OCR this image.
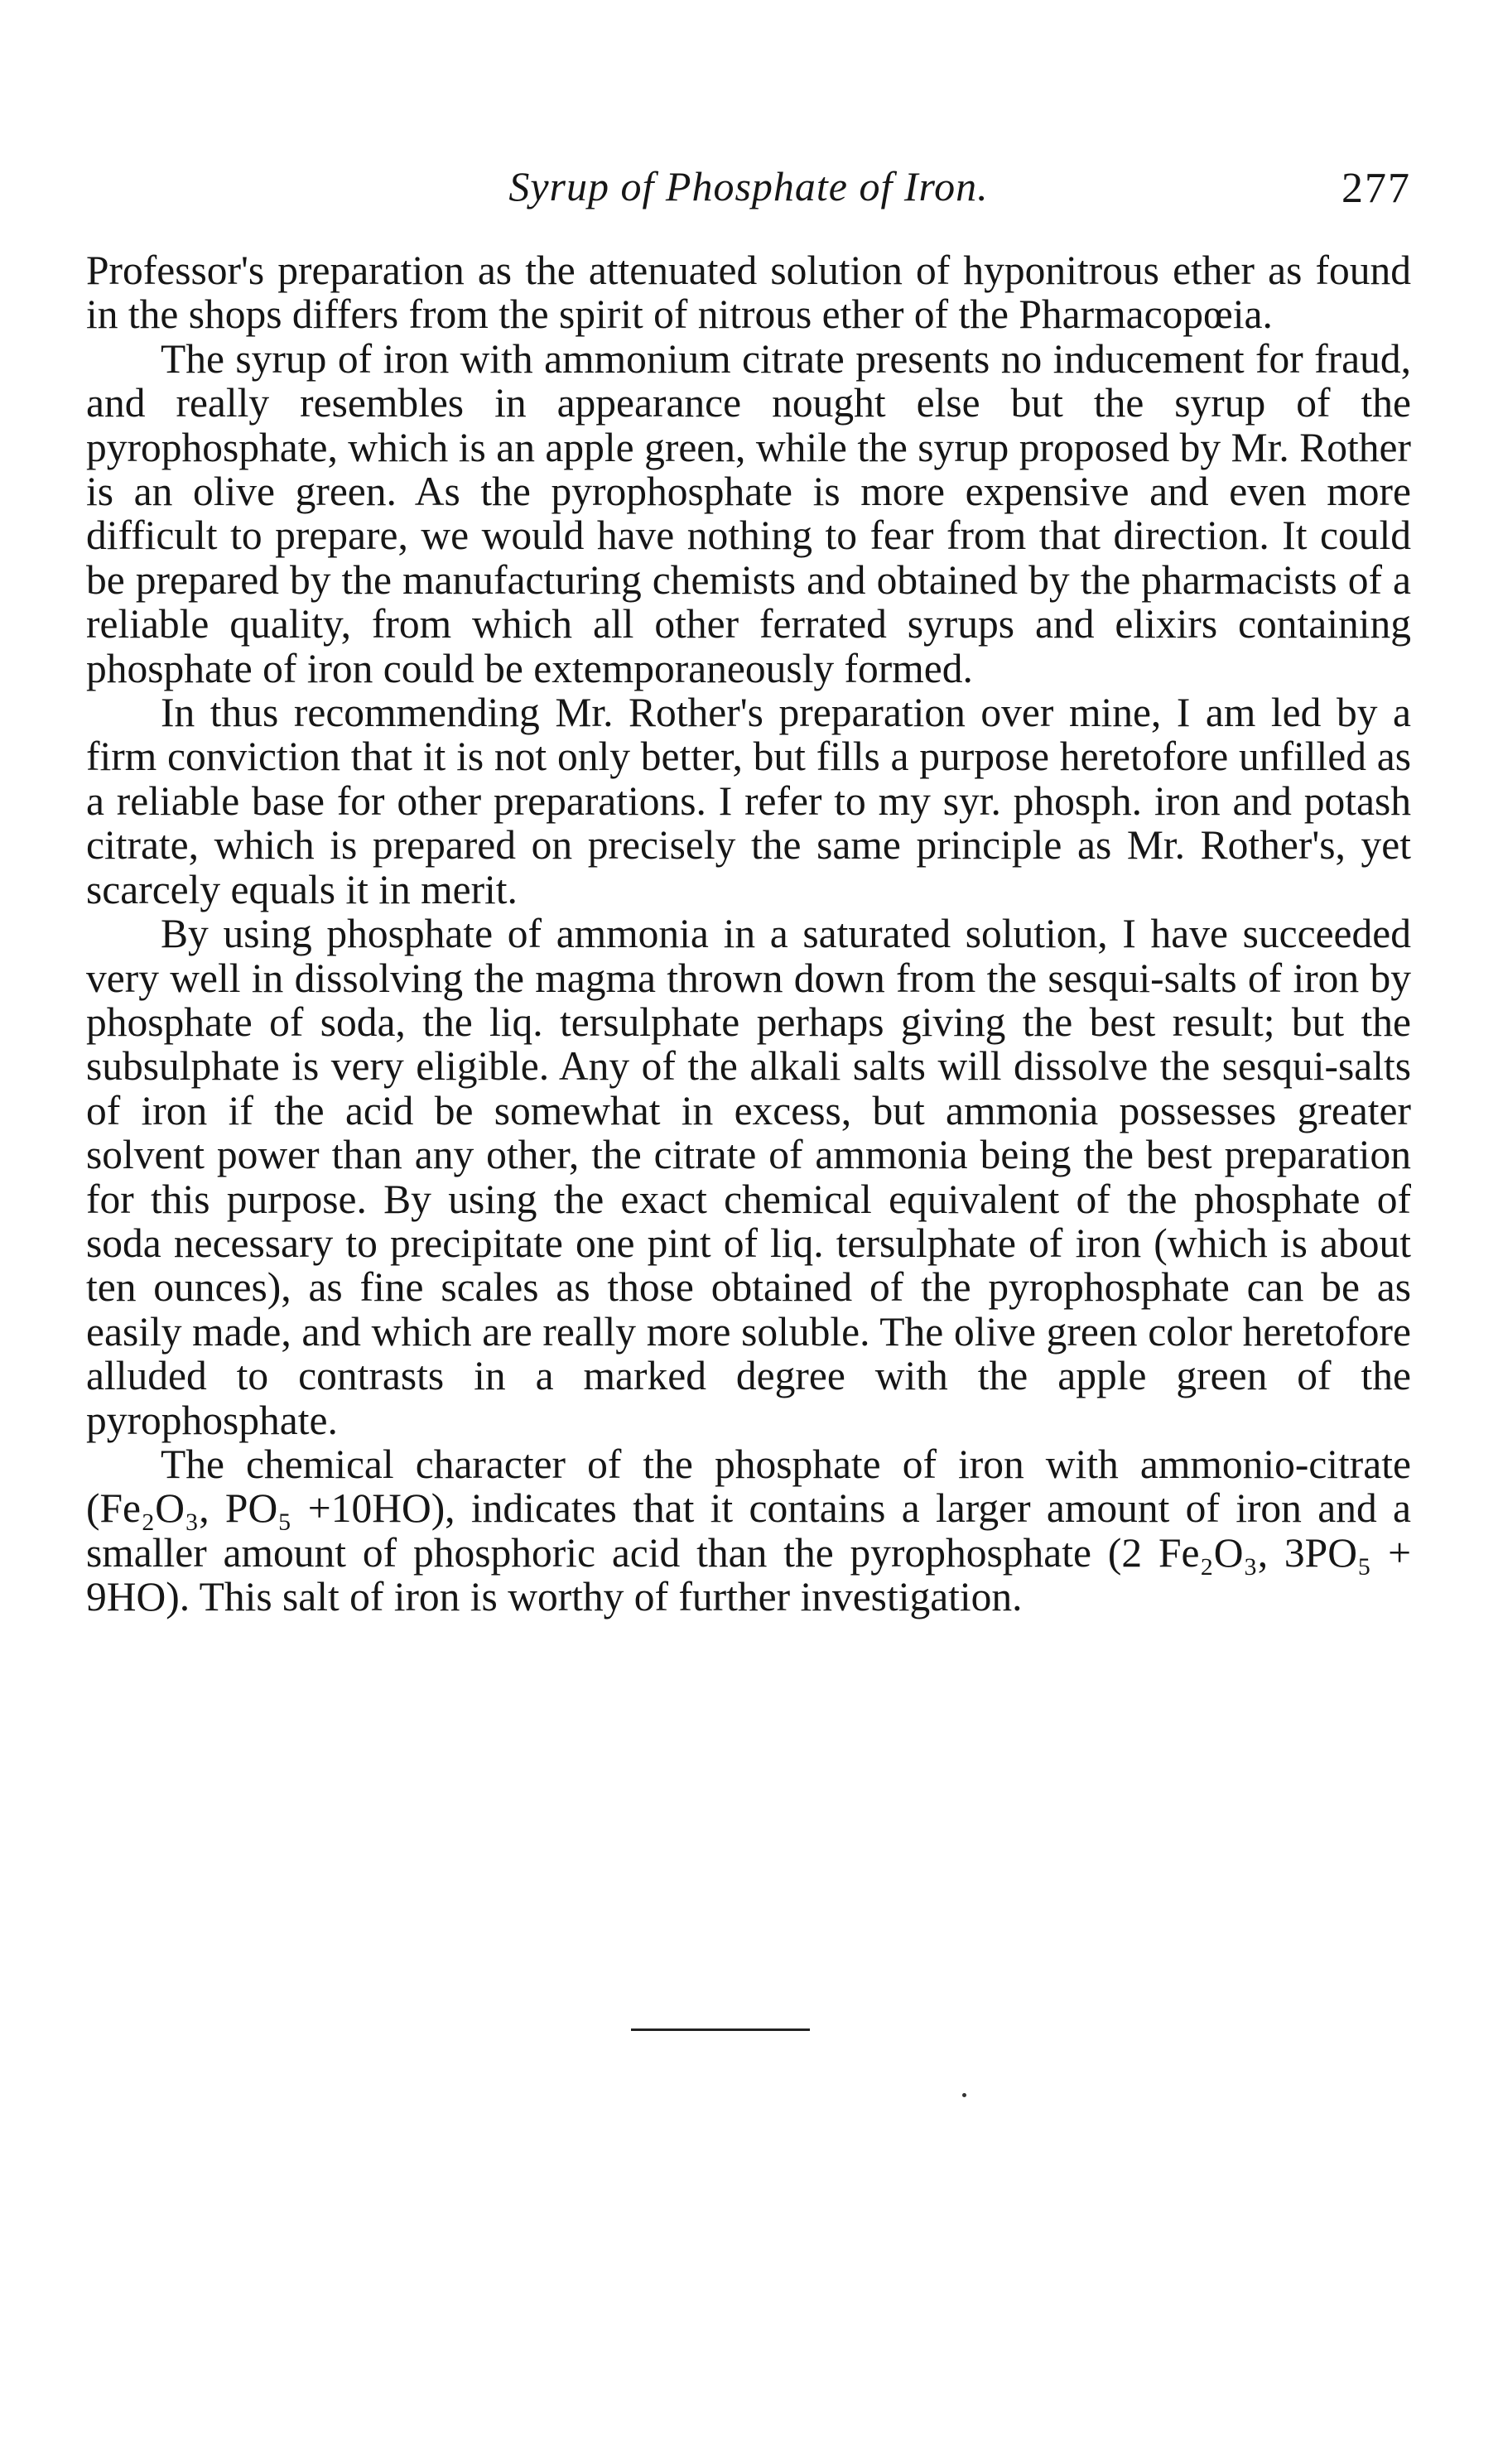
Syrup of Phosphate of Iron.	277

Professor's preparation as the attenuated solution of hyponitrous ether as found in the shops differs from the spirit of nitrous ether of the Pharmacopœia.

The syrup of iron with ammonium citrate presents no inducement for fraud, and really resembles in appearance nought else but the syrup of the pyrophosphate, which is an apple green, while the syrup proposed by Mr. Rother is an olive green. As the pyrophosphate is more expensive and even more difficult to prepare, we would have nothing to fear from that direction. It could be prepared by the manufacturing chemists and obtained by the pharmacists of a reliable quality, from which all other ferrated syrups and elixirs containing phosphate of iron could be extemporaneously formed.

In thus recommending Mr. Rother's preparation over mine, I am led by a firm conviction that it is not only better, but fills a purpose heretofore unfilled as a reliable base for other preparations. I refer to my syr. phosph. iron and potash citrate, which is prepared on precisely the same principle as Mr. Rother's, yet scarcely equals it in merit.

By using phosphate of ammonia in a saturated solution, I have succeeded very well in dissolving the magma thrown down from the sesqui-salts of iron by phosphate of soda, the liq. tersulphate perhaps giving the best result; but the subsulphate is very eligible. Any of the alkali salts will dissolve the sesqui-salts of iron if the acid be somewhat in excess, but ammonia possesses greater solvent power than any other, the citrate of ammonia being the best preparation for this purpose. By using the exact chemical equivalent of the phosphate of soda necessary to precipitate one pint of liq. tersulphate of iron (which is about ten ounces), as fine scales as those obtained of the pyrophosphate can be as easily made, and which are really more soluble. The olive green color heretofore alluded to contrasts in a marked degree with the apple green of the pyrophosphate.

The chemical character of the phosphate of iron with ammonio-citrate (Fe₂O₃, PO₅ +10HO), indicates that it contains a larger amount of iron and a smaller amount of phosphoric acid than the pyrophosphate (2 Fe₂O₃, 3PO₅ + 9HO). This salt of iron is worthy of further investigation.
